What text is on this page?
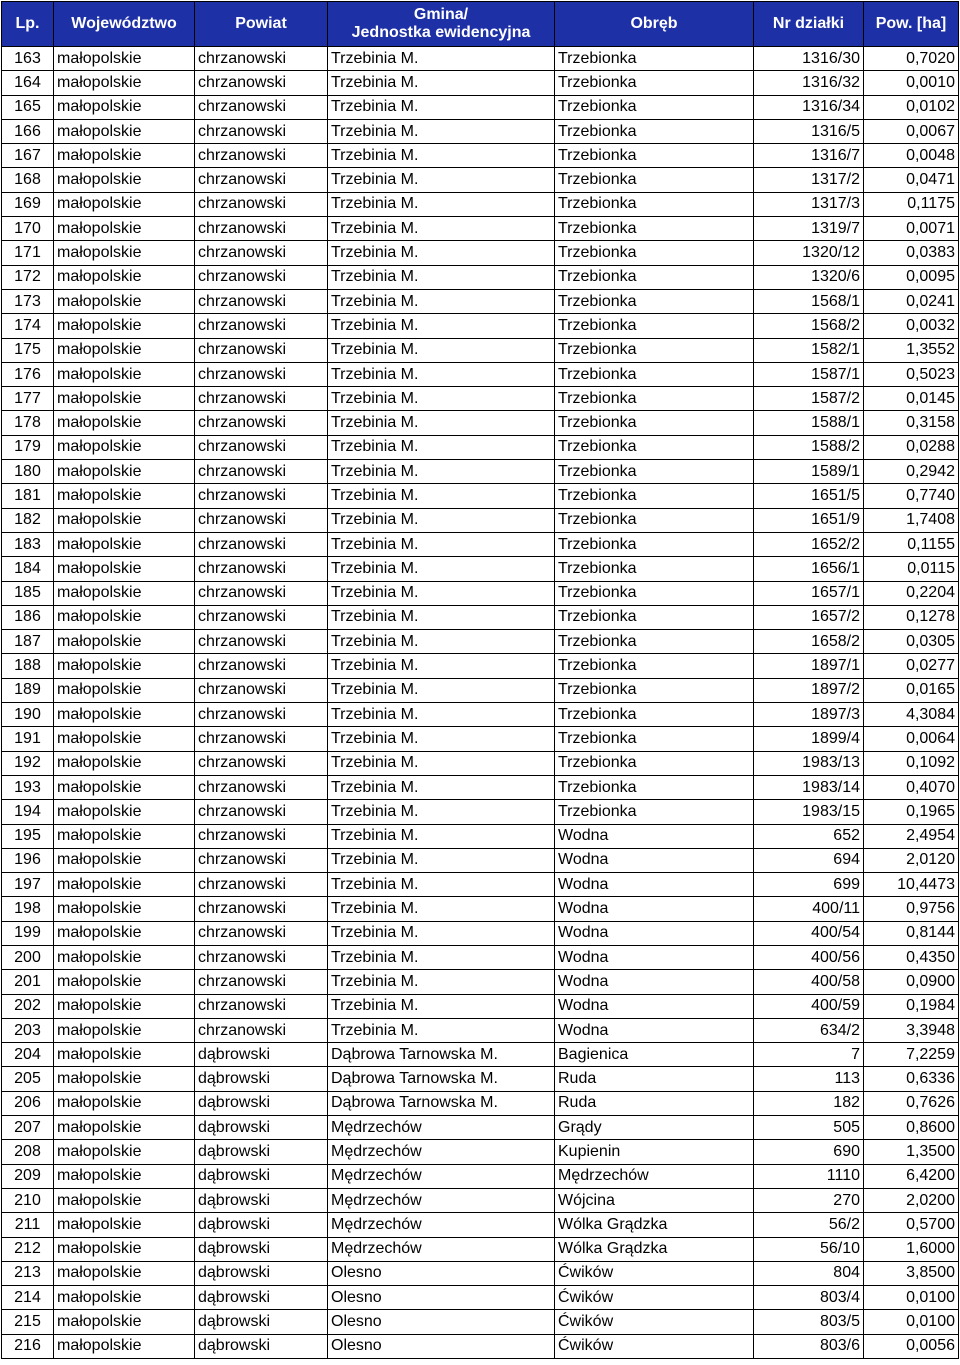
Lp.	Województwo	Powiat	Gmina/
Jednostka ewidencyjna	Obręb	Nr działki	Pow. [ha]
163	małopolskie	chrzanowski	Trzebinia M.	Trzebionka	1316/30	0,7020
164	małopolskie	chrzanowski	Trzebinia M.	Trzebionka	1316/32	0,0010
165	małopolskie	chrzanowski	Trzebinia M.	Trzebionka	1316/34	0,0102
166	małopolskie	chrzanowski	Trzebinia M.	Trzebionka	1316/5	0,0067
167	małopolskie	chrzanowski	Trzebinia M.	Trzebionka	1316/7	0,0048
168	małopolskie	chrzanowski	Trzebinia M.	Trzebionka	1317/2	0,0471
169	małopolskie	chrzanowski	Trzebinia M.	Trzebionka	1317/3	0,1175
170	małopolskie	chrzanowski	Trzebinia M.	Trzebionka	1319/7	0,0071
171	małopolskie	chrzanowski	Trzebinia M.	Trzebionka	1320/12	0,0383
172	małopolskie	chrzanowski	Trzebinia M.	Trzebionka	1320/6	0,0095
173	małopolskie	chrzanowski	Trzebinia M.	Trzebionka	1568/1	0,0241
174	małopolskie	chrzanowski	Trzebinia M.	Trzebionka	1568/2	0,0032
175	małopolskie	chrzanowski	Trzebinia M.	Trzebionka	1582/1	1,3552
176	małopolskie	chrzanowski	Trzebinia M.	Trzebionka	1587/1	0,5023
177	małopolskie	chrzanowski	Trzebinia M.	Trzebionka	1587/2	0,0145
178	małopolskie	chrzanowski	Trzebinia M.	Trzebionka	1588/1	0,3158
179	małopolskie	chrzanowski	Trzebinia M.	Trzebionka	1588/2	0,0288
180	małopolskie	chrzanowski	Trzebinia M.	Trzebionka	1589/1	0,2942
181	małopolskie	chrzanowski	Trzebinia M.	Trzebionka	1651/5	0,7740
182	małopolskie	chrzanowski	Trzebinia M.	Trzebionka	1651/9	1,7408
183	małopolskie	chrzanowski	Trzebinia M.	Trzebionka	1652/2	0,1155
184	małopolskie	chrzanowski	Trzebinia M.	Trzebionka	1656/1	0,0115
185	małopolskie	chrzanowski	Trzebinia M.	Trzebionka	1657/1	0,2204
186	małopolskie	chrzanowski	Trzebinia M.	Trzebionka	1657/2	0,1278
187	małopolskie	chrzanowski	Trzebinia M.	Trzebionka	1658/2	0,0305
188	małopolskie	chrzanowski	Trzebinia M.	Trzebionka	1897/1	0,0277
189	małopolskie	chrzanowski	Trzebinia M.	Trzebionka	1897/2	0,0165
190	małopolskie	chrzanowski	Trzebinia M.	Trzebionka	1897/3	4,3084
191	małopolskie	chrzanowski	Trzebinia M.	Trzebionka	1899/4	0,0064
192	małopolskie	chrzanowski	Trzebinia M.	Trzebionka	1983/13	0,1092
193	małopolskie	chrzanowski	Trzebinia M.	Trzebionka	1983/14	0,4070
194	małopolskie	chrzanowski	Trzebinia M.	Trzebionka	1983/15	0,1965
195	małopolskie	chrzanowski	Trzebinia M.	Wodna	652	2,4954
196	małopolskie	chrzanowski	Trzebinia M.	Wodna	694	2,0120
197	małopolskie	chrzanowski	Trzebinia M.	Wodna	699	10,4473
198	małopolskie	chrzanowski	Trzebinia M.	Wodna	400/11	0,9756
199	małopolskie	chrzanowski	Trzebinia M.	Wodna	400/54	0,8144
200	małopolskie	chrzanowski	Trzebinia M.	Wodna	400/56	0,4350
201	małopolskie	chrzanowski	Trzebinia M.	Wodna	400/58	0,0900
202	małopolskie	chrzanowski	Trzebinia M.	Wodna	400/59	0,1984
203	małopolskie	chrzanowski	Trzebinia M.	Wodna	634/2	3,3948
204	małopolskie	dąbrowski	Dąbrowa Tarnowska M.	Bagienica	7	7,2259
205	małopolskie	dąbrowski	Dąbrowa Tarnowska M.	Ruda	113	0,6336
206	małopolskie	dąbrowski	Dąbrowa Tarnowska M.	Ruda	182	0,7626
207	małopolskie	dąbrowski	Mędrzechów	Grądy	505	0,8600
208	małopolskie	dąbrowski	Mędrzechów	Kupienin	690	1,3500
209	małopolskie	dąbrowski	Mędrzechów	Mędrzechów	1110	6,4200
210	małopolskie	dąbrowski	Mędrzechów	Wójcina	270	2,0200
211	małopolskie	dąbrowski	Mędrzechów	Wólka Grądzka	56/2	0,5700
212	małopolskie	dąbrowski	Mędrzechów	Wólka Grądzka	56/10	1,6000
213	małopolskie	dąbrowski	Olesno	Ćwików	804	3,8500
214	małopolskie	dąbrowski	Olesno	Ćwików	803/4	0,0100
215	małopolskie	dąbrowski	Olesno	Ćwików	803/5	0,0100
216	małopolskie	dąbrowski	Olesno	Ćwików	803/6	0,0056
